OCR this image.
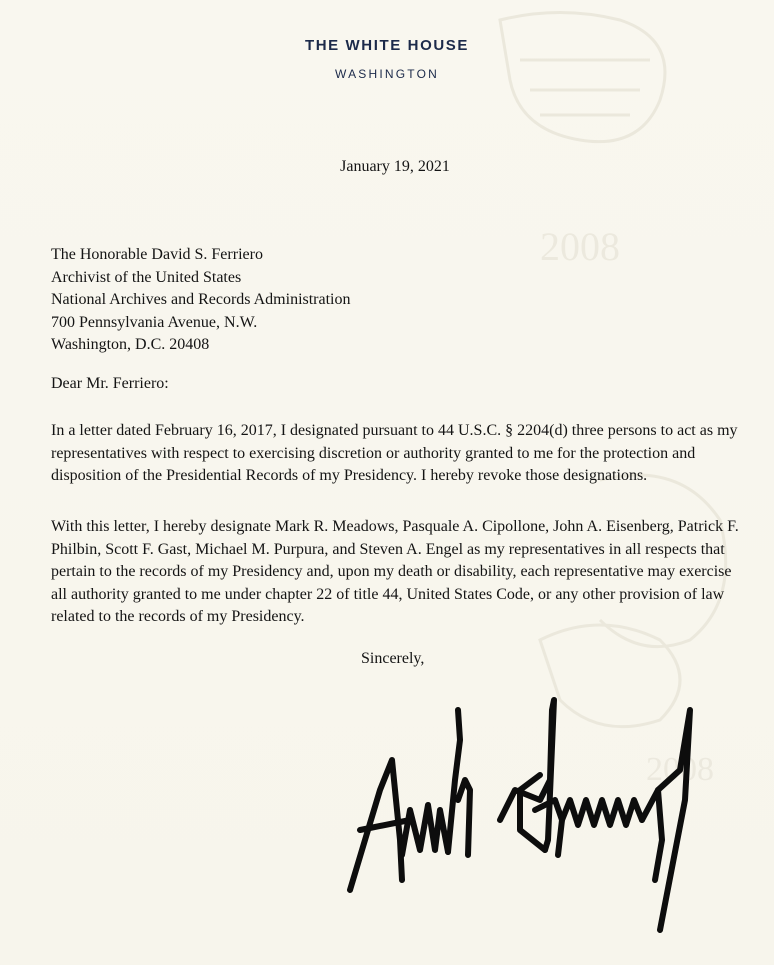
2008
2008
THE WHITE HOUSE
WASHINGTON
January 19, 2021
The Honorable David S. Ferriero
Archivist of the United States
National Archives and Records Administration
700 Pennsylvania Avenue, N.W.
Washington, D.C. 20408
Dear Mr. Ferriero:
In a letter dated February 16, 2017, I designated pursuant to 44 U.S.C. § 2204(d) three persons to act as my representatives with respect to exercising discretion or authority granted to me for the protection and disposition of the Presidential Records of my Presidency. I hereby revoke those designations.
With this letter, I hereby designate Mark R. Meadows, Pasquale A. Cipollone, John A. Eisenberg, Patrick F. Philbin, Scott F. Gast, Michael M. Purpura, and Steven A. Engel as my representatives in all respects that pertain to the records of my Presidency and, upon my death or disability, each representative may exercise all authority granted to me under chapter 22 of title 44, United States Code, or any other provision of law related to the records of my Presidency.
Sincerely,
